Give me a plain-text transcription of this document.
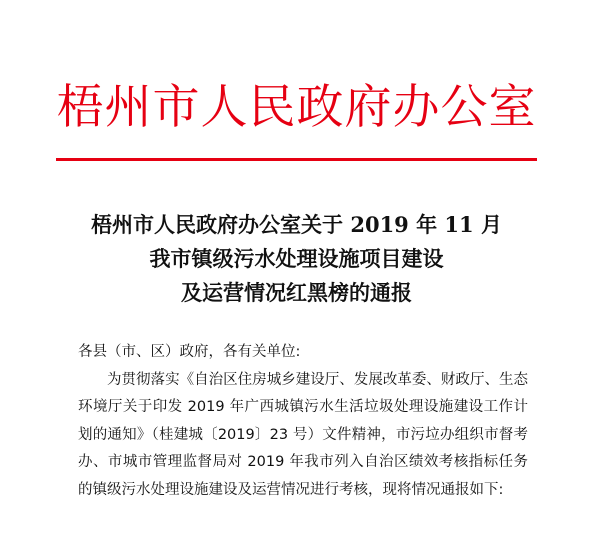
梧州市人民政府办公室
梧州市人民政府办公室关于 2019 年 11 月
我市镇级污水处理设施项目建设
及运营情况红黑榜的通报
各县（市、区）政府，各有关单位:

为贯彻落实《自治区住房城乡建设厅、发展改革委、财政厅、生态环境厅关于印发 2019 年广西城镇污水生活垃圾处理设施建设工作计划的通知》（桂建城〔2019〕23 号）文件精神，市污垃办组织市督考办、市城市管理监督局对 2019 年我市列入自治区绩效考核指标任务的镇级污水处理设施建设及运营情况进行考核，现将情况通报如下:
